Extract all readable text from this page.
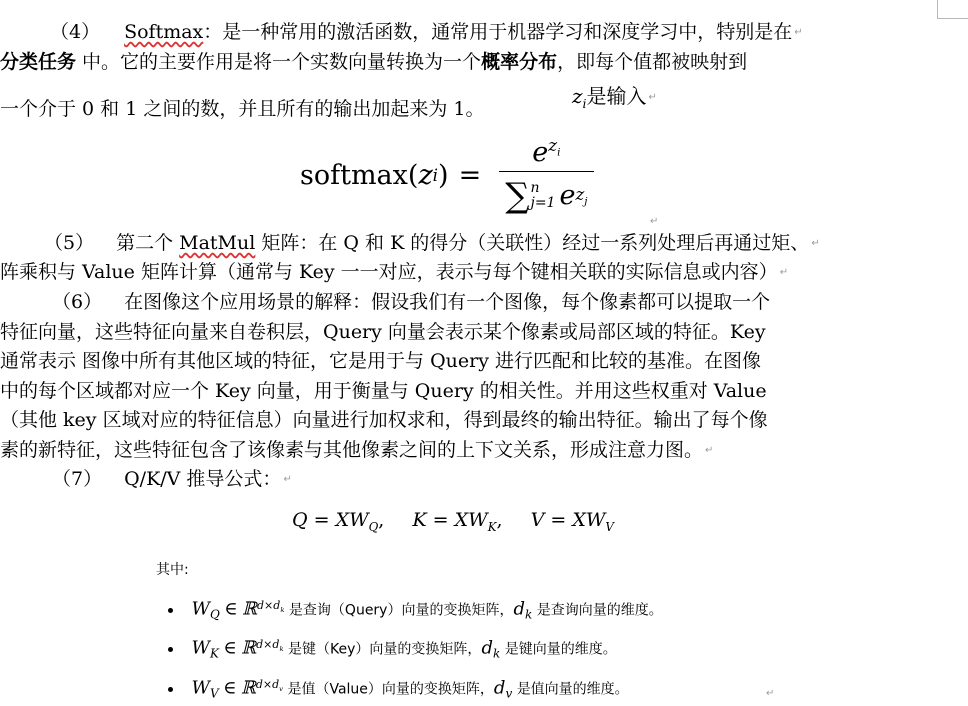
（4） Softmax：是一种常用的激活函数，通常用于机器学习和深度学习中，特别是在 ↵
分类任务 中。它的主要作用是将一个实数向量转换为一个概率分布，即每个值都被映射到
一个介于 0 和 1 之间的数，并且所有的输出加起来为 1。
$z_i$是输入 ↵
softmax ( z i ) = $e^{z_i}$
∑ n
j=1 e $z_j$
↵
（5） 第二个 MatMul 矩阵：在 Q 和 K 的得分（关联性）经过一系列处理后再通过矩、 ↵
阵乘积与 Value 矩阵计算（通常与 Key 一一对应，表示与每个键相关联的实际信息或内容） ↵
（6） 在图像这个应用场景的解释：假设我们有一个图像，每个像素都可以提取一个
特征向量，这些特征向量来自卷积层，Query 向量会表示某个像素或局部区域的特征。Key
通常表示 图像中所有其他区域的特征，它是用于与 Query 进行匹配和比较的基准。在图像
中的每个区域都对应一个 Key 向量，用于衡量与 Query 的相关性。并用这些权重对 Value
（其他 key 区域对应的特征信息）向量进行加权求和，得到最终的输出特征。输出了每个像
素的新特征，这些特征包含了该像素与其他像素之间的上下文关系，形成注意力图。 ↵
（7） Q/K/V 推导公式： ↵
$Q = XW_Q$, $K = XW_K$, $V = XW_V$
其中:
$W_Q$ ∈ ℝ$^{d\times d_k}$ 是查询（Query）向量的变换矩阵，$d_k$ 是查询向量的维度。
$W_K$ ∈ ℝ$^{d\times d_k}$ 是键（Key）向量的变换矩阵，$d_k$ 是键向量的维度。
$W_V$ ∈ ℝ$^{d\times d_v}$ 是值（Value）向量的变换矩阵，$d_v$ 是值向量的维度。	↵
